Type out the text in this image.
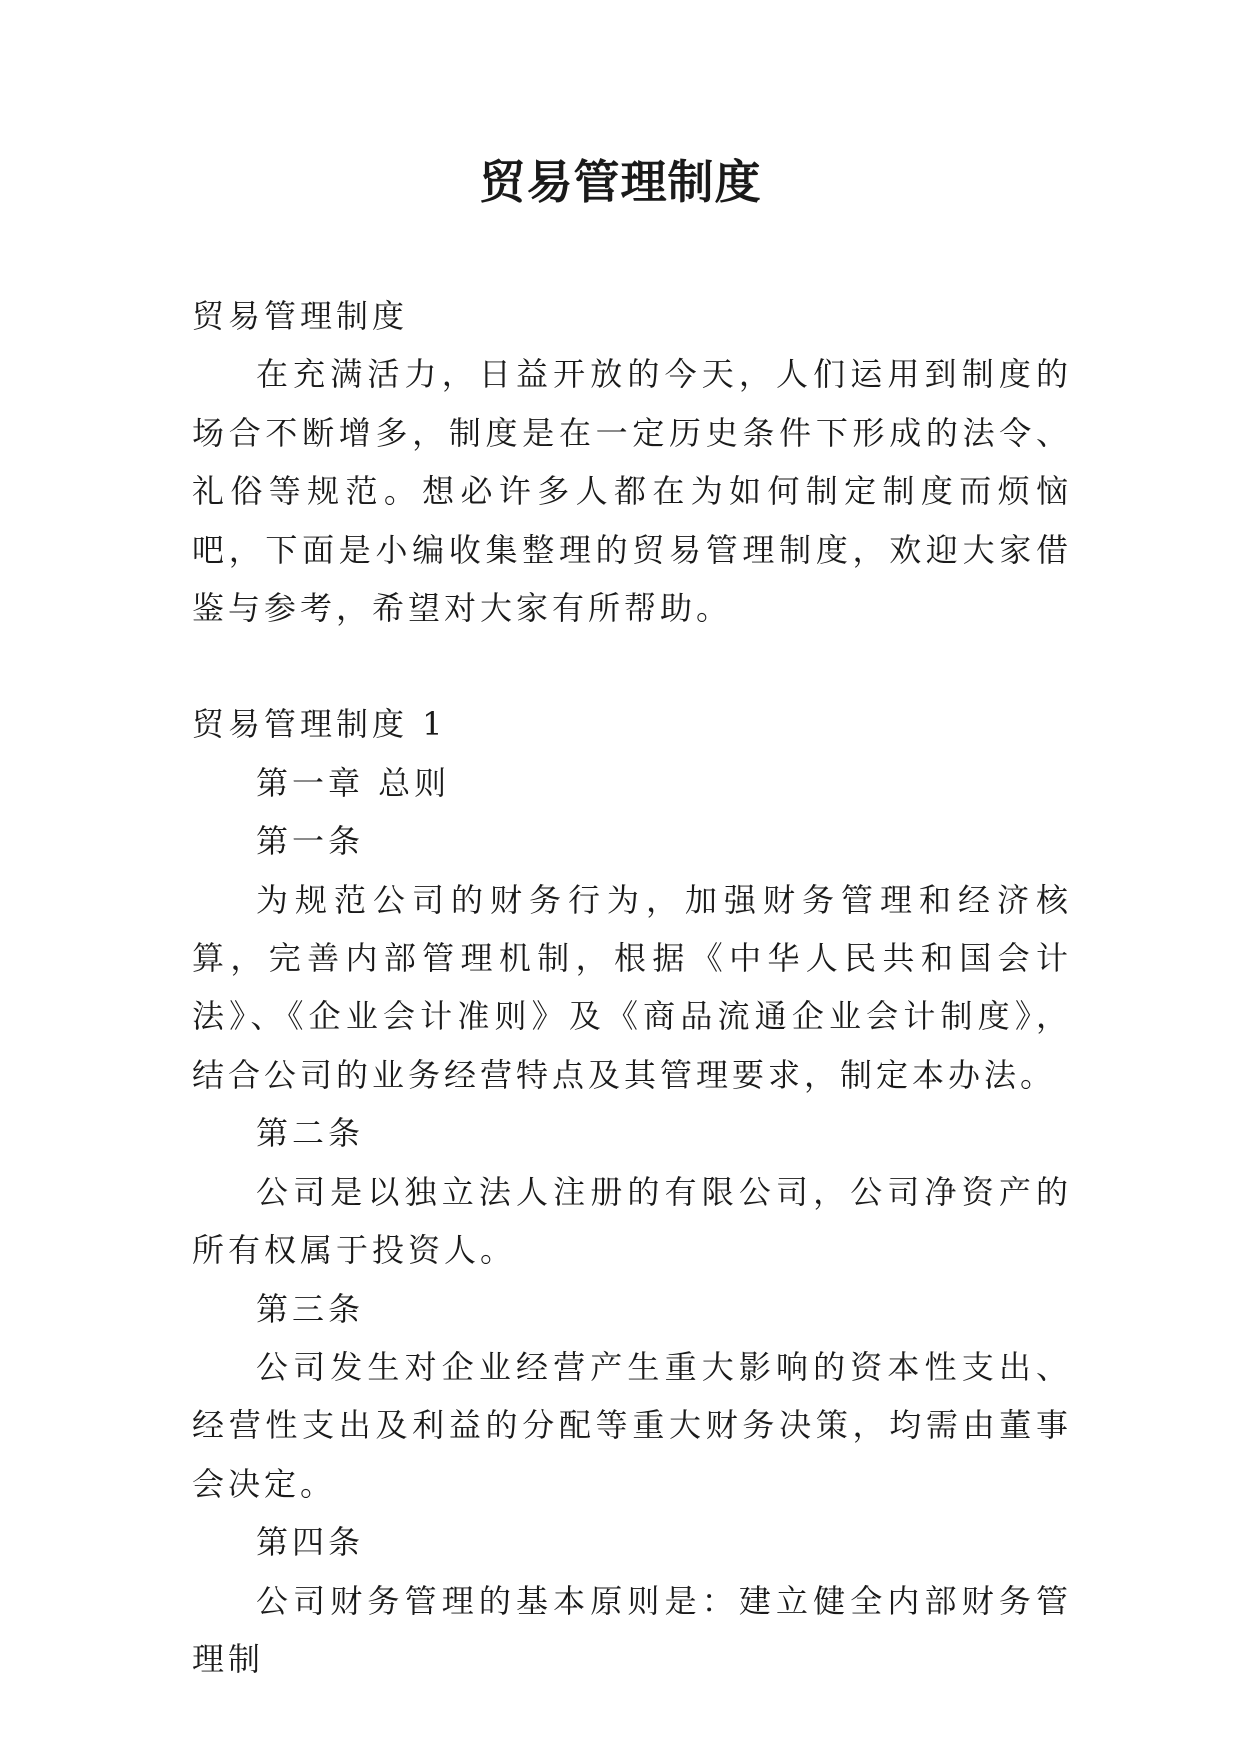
贸易管理制度

贸易管理制度

在充满活力，日益开放的今天，人们运用到制度的场合不断增多，制度是在一定历史条件下形成的法令、礼俗等规范。想必许多人都在为如何制定制度而烦恼吧，下面是小编收集整理的贸易管理制度，欢迎大家借鉴与参考，希望对大家有所帮助。

贸易管理制度 1

第一章 总则

第一条

为规范公司的财务行为，加强财务管理和经济核算，完善内部管理机制，根据《中华人民共和国会计法》、《企业会计准则》及《商品流通企业会计制度》，结合公司的业务经营特点及其管理要求，制定本办法。

第二条

公司是以独立法人注册的有限公司，公司净资产的所有权属于投资人。

第三条

公司发生对企业经营产生重大影响的资本性支出、经营性支出及利益的分配等重大财务决策，均需由董事会决定。

第四条

公司财务管理的基本原则是：建立健全内部财务管理制
